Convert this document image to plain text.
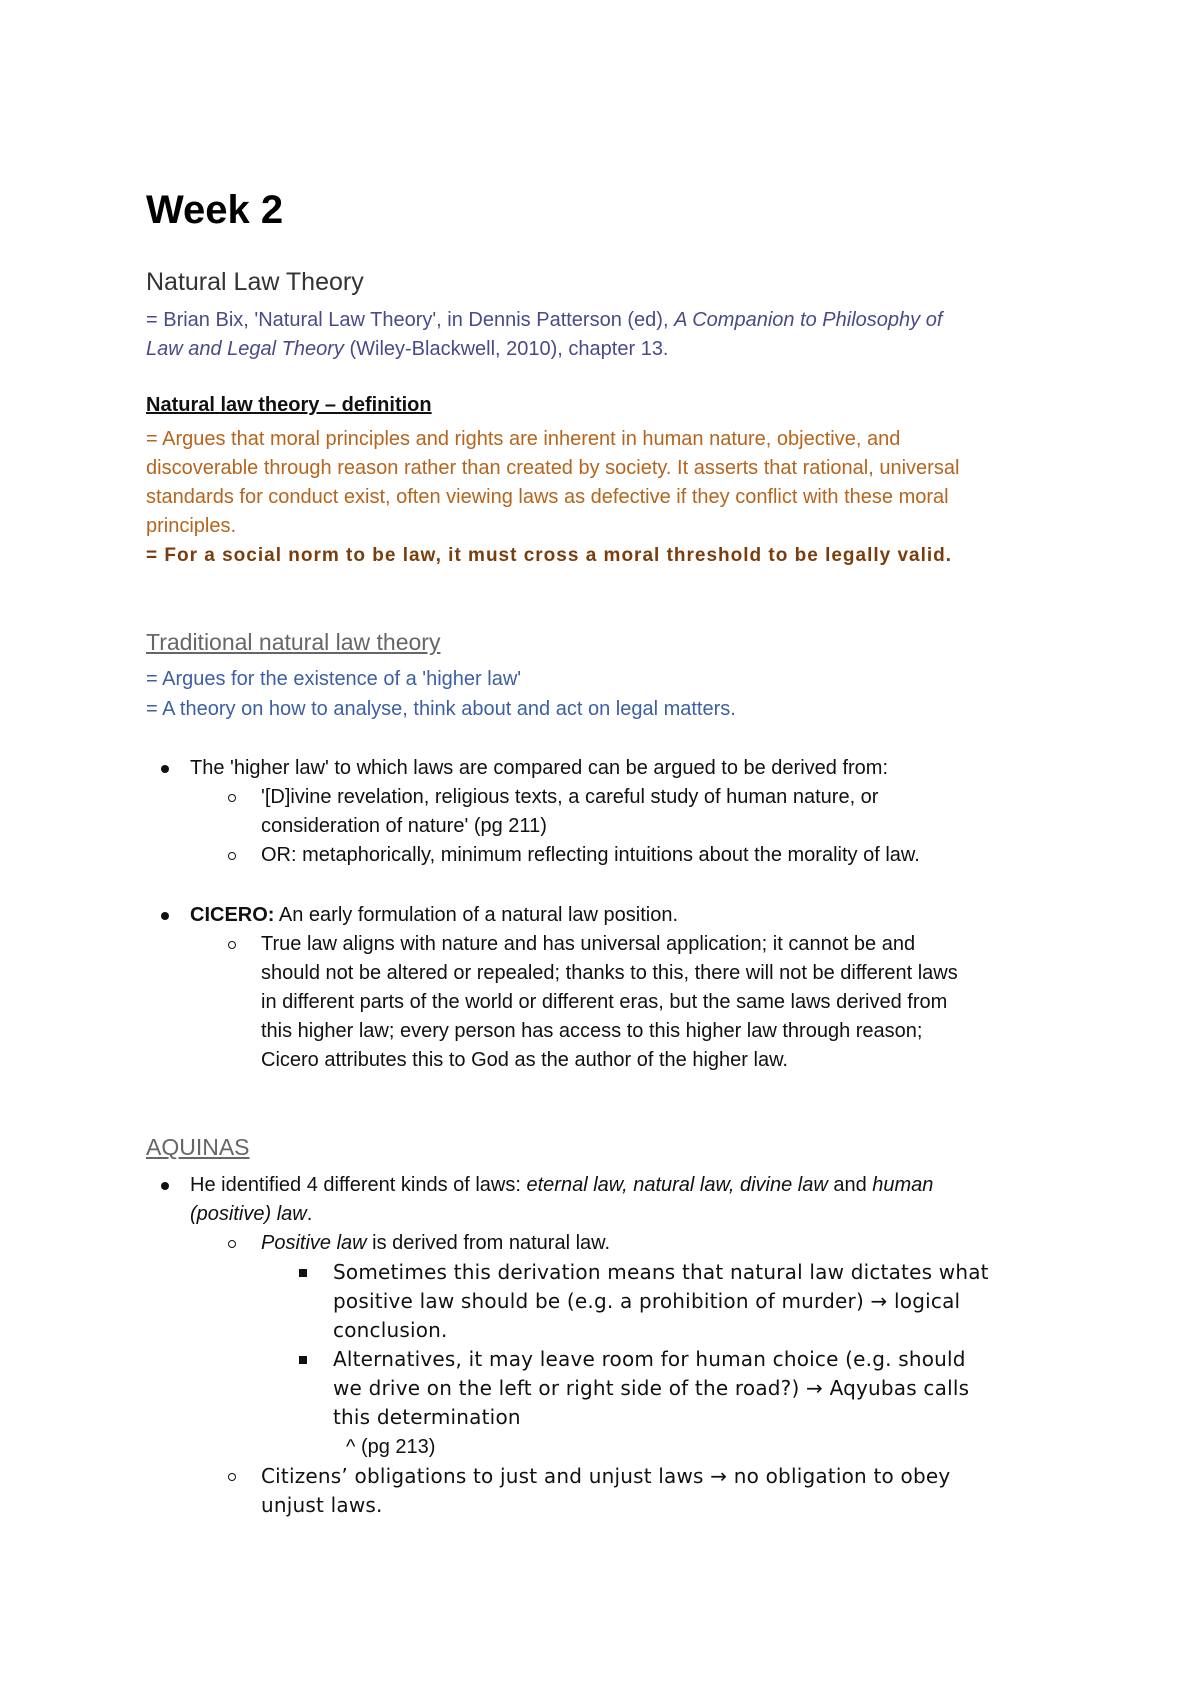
Week 2
Natural Law Theory
= Brian Bix, 'Natural Law Theory', in Dennis Patterson (ed), A Companion to Philosophy of
Law and Legal Theory (Wiley-Blackwell, 2010), chapter 13.
Natural law theory – definition
= Argues that moral principles and rights are inherent in human nature, objective, and
discoverable through reason rather than created by society. It asserts that rational, universal
standards for conduct exist, often viewing laws as defective if they conflict with these moral
principles.
= For a social norm to be law, it must cross a moral threshold to be legally valid.
Traditional natural law theory
= Argues for the existence of a 'higher law'
= A theory on how to analyse, think about and act on legal matters.
The 'higher law' to which laws are compared can be argued to be derived from:
'[D]ivine revelation, religious texts, a careful study of human nature, or
consideration of nature' (pg 211)
OR: metaphorically, minimum reflecting intuitions about the morality of law.
CICERO: An early formulation of a natural law position.
True law aligns with nature and has universal application; it cannot be and
should not be altered or repealed; thanks to this, there will not be different laws
in different parts of the world or different eras, but the same laws derived from
this higher law; every person has access to this higher law through reason;
Cicero attributes this to God as the author of the higher law.
AQUINAS
He identified 4 different kinds of laws: eternal law, natural law, divine law and human
(positive) law.
Positive law is derived from natural law.
Sometimes this derivation means that natural law dictates what
positive law should be (e.g. a prohibition of murder) → logical
conclusion.
Alternatives, it may leave room for human choice (e.g. should
we drive on the left or right side of the road?) → Aqyubas calls
this determination
^ (pg 213)
Citizens’ obligations to just and unjust laws → no obligation to obey
unjust laws.
